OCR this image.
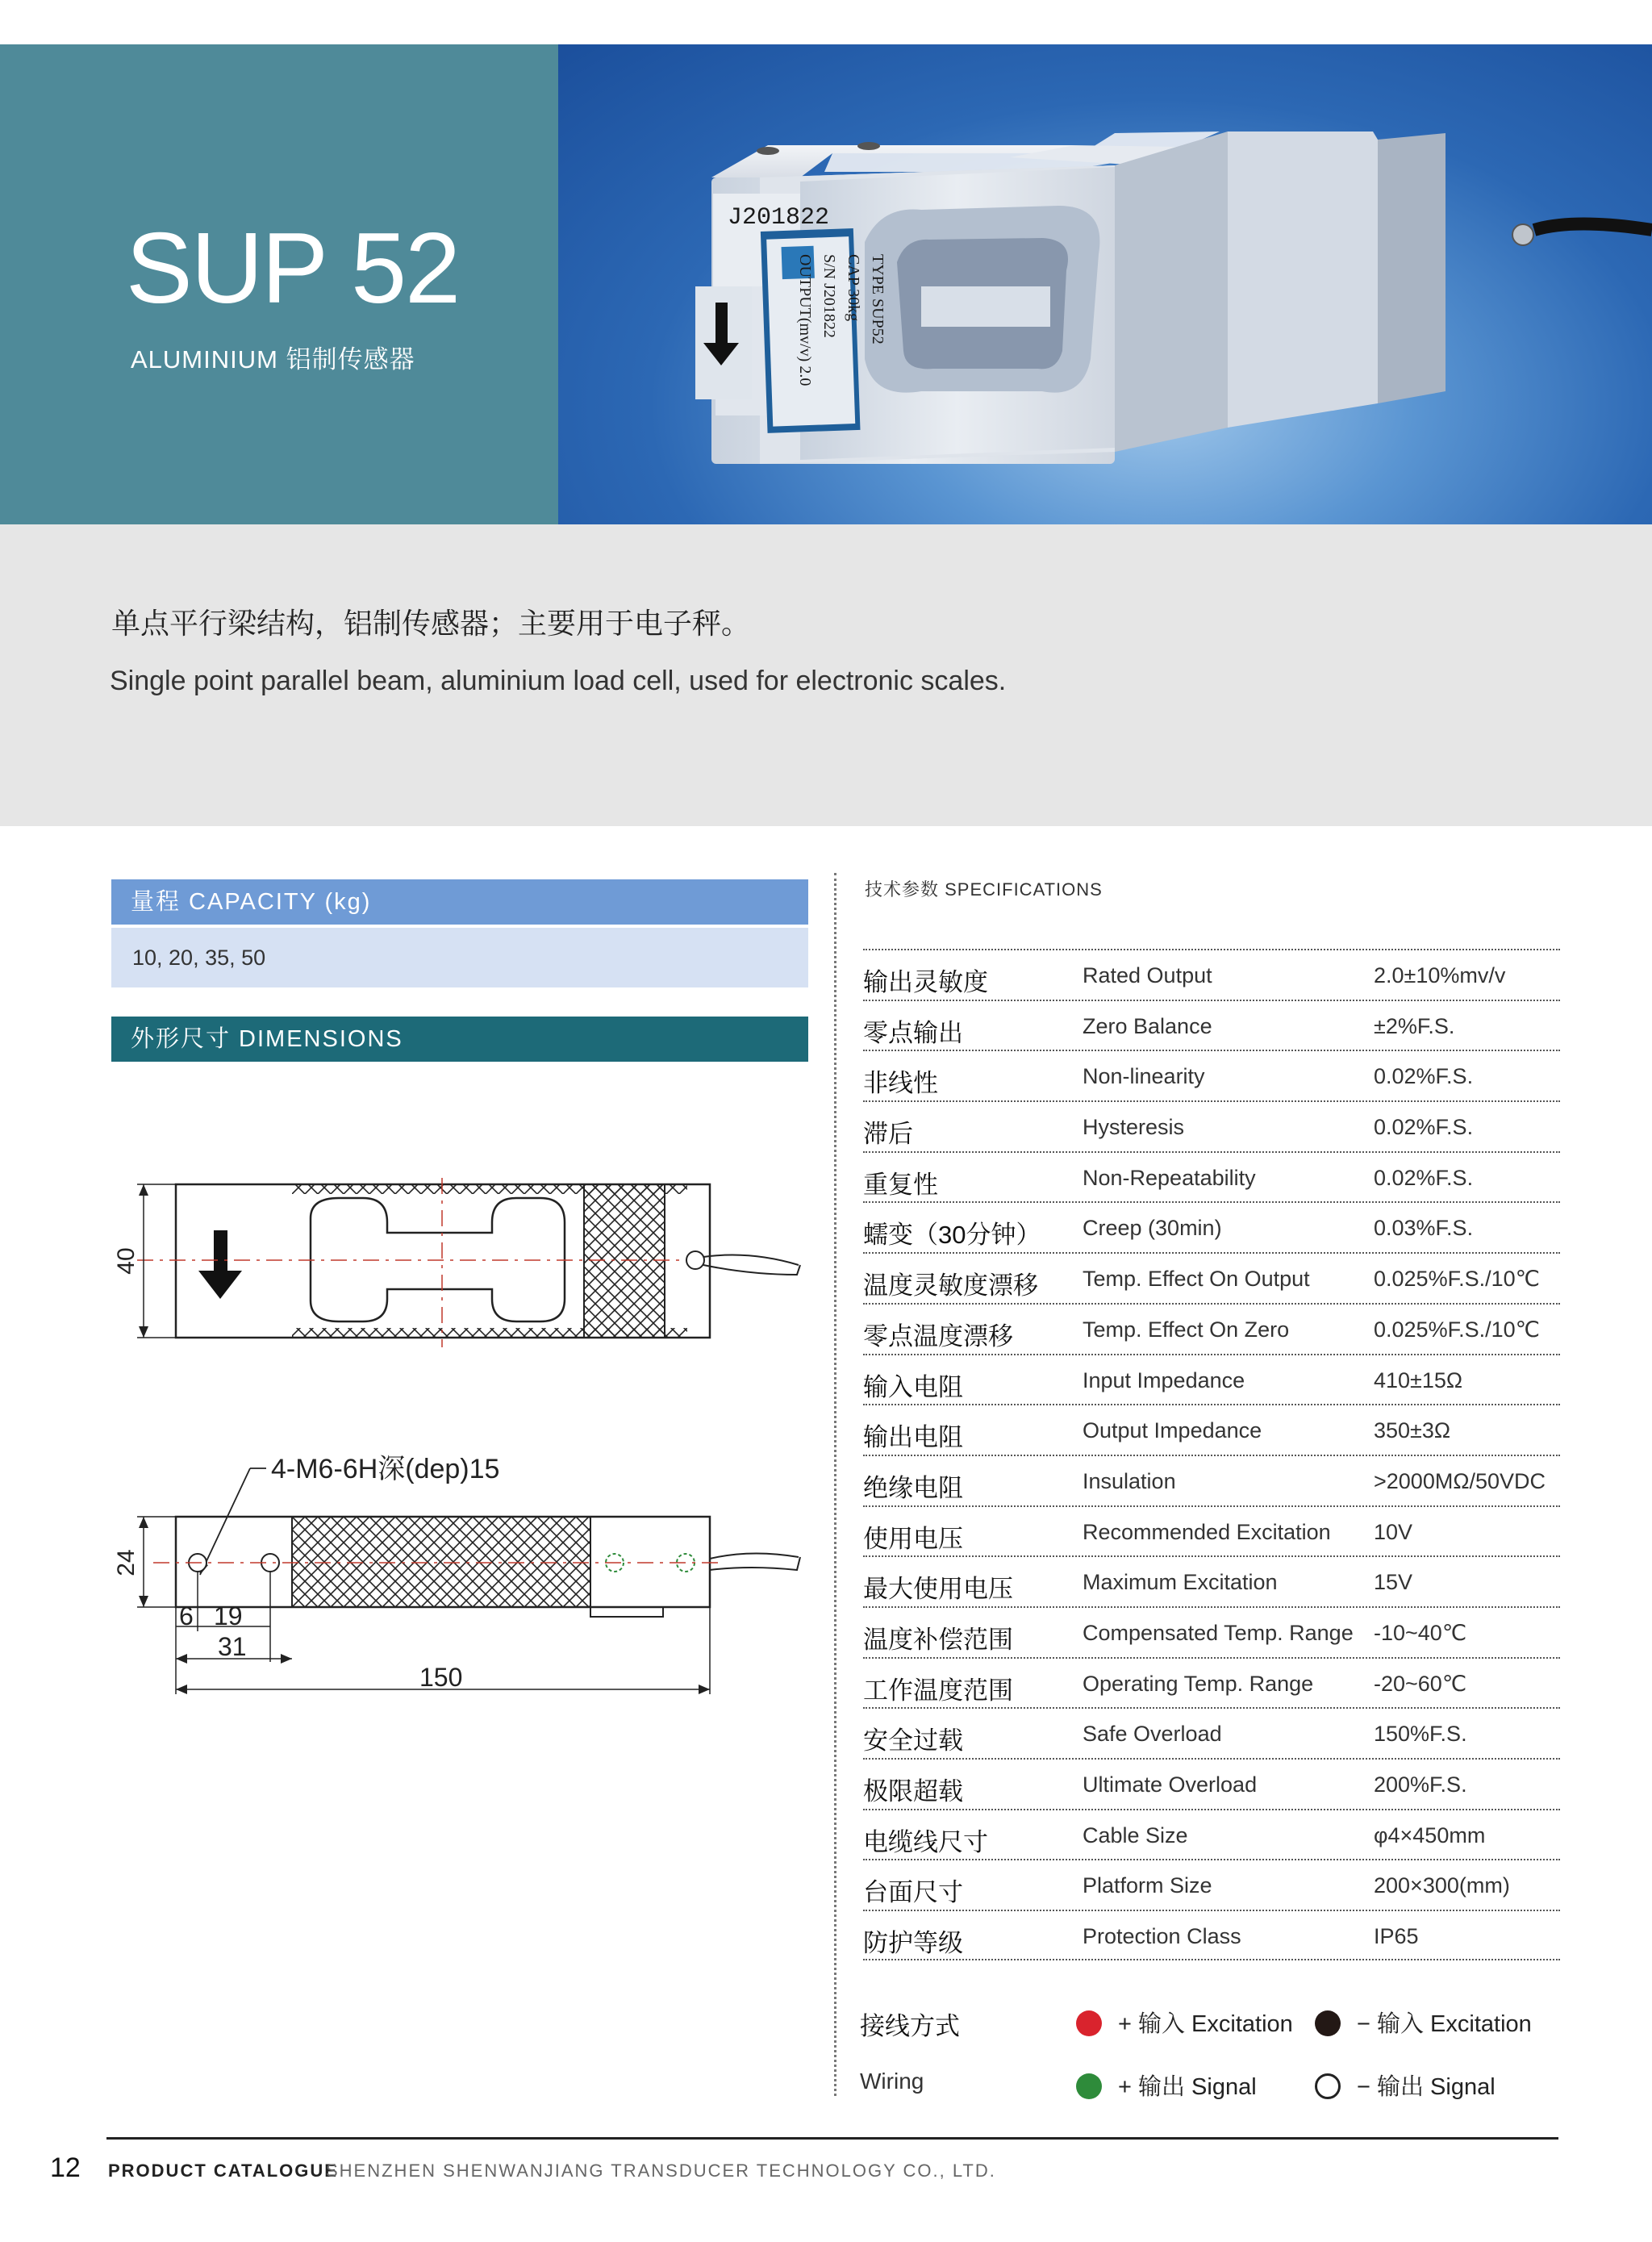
SUP 52
ALUMINIUM 铝制传感器
J201822
TYPE SUP52
CAP 30kg
S/N J201822
OUTPUT(mv/v) 2.0
单点平行梁结构，铝制传感器；主要用于电子秤。
Single point parallel beam, aluminium load cell, used for electronic scales.
量程 CAPACITY (kg)
10, 20, 35, 50
外形尺寸 DIMENSIONS
40
4-M6-6H深(dep)15
24
6 19
31
150
技术参数 SPECIFICATIONS
输出灵敏度	Rated Output	2.0±10%mv/v
零点输出	Zero Balance	±2%F.S.
非线性	Non-linearity	0.02%F.S.
滞后	Hysteresis	0.02%F.S.
重复性	Non-Repeatability	0.02%F.S.
蠕变（30分钟） Creep (30min)	0.03%F.S.
温度灵敏度漂移 Temp. Effect On Output	0.025%F.S./10℃
零点温度漂移	Temp. Effect On Zero	0.025%F.S./10℃
输入电阻	Input Impedance	410±15Ω
输出电阻	Output Impedance	350±3Ω
绝缘电阻	Insulation	>2000MΩ/50VDC
使用电压	Recommended Excitation 10V
最大使用电压	Maximum Excitation	15V
温度补偿范围	Compensated Temp. Range -10~40℃
工作温度范围	Operating Temp. Range	-20~60℃
安全过载	Safe Overload	150%F.S.
极限超载	Ultimate Overload	200%F.S.
电缆线尺寸	Cable Size	φ4×450mm
台面尺寸	Platform Size	200×300(mm)
防护等级	Protection Class	IP65
接线方式
Wiring
+ 输入 Excitation	− 输入 Excitation
+ 输出 Signal	− 输出 Signal
12 PRODUCT CATALOGUE
SHENZHEN SHENWANJIANG TRANSDUCER TECHNOLOGY CO., LTD.
